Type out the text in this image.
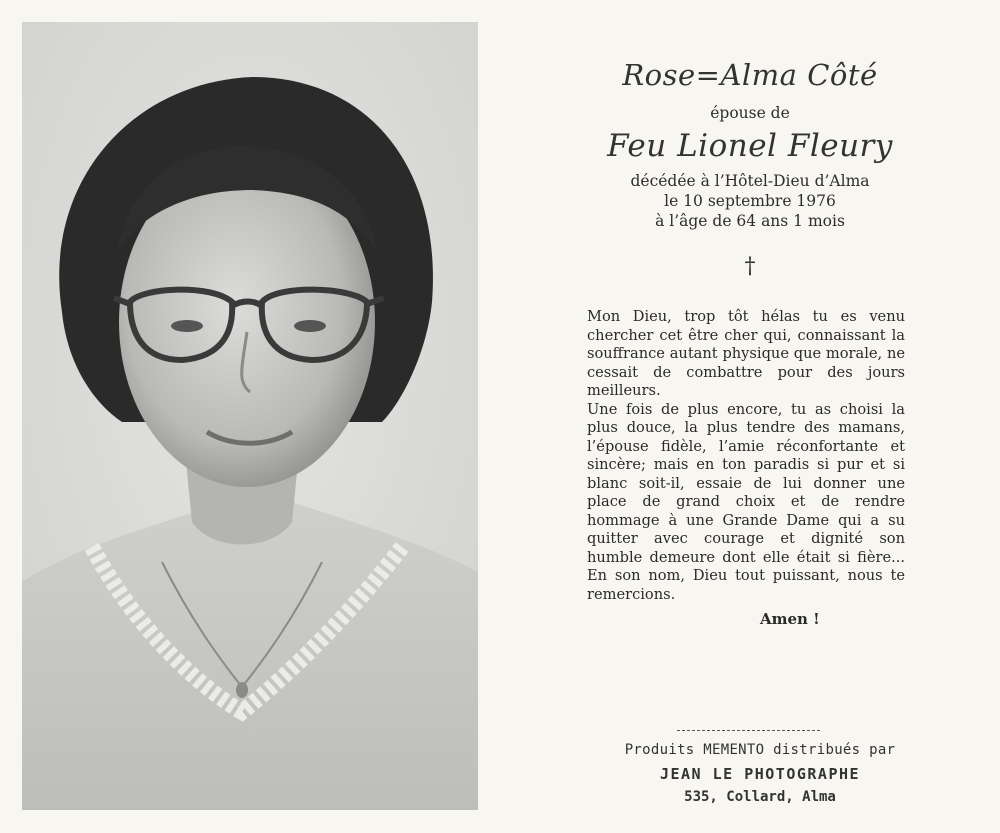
Rose=Alma Côté
épouse de
Feu Lionel Fleury
décédée à l’Hôtel-Dieu d’Alma
le 10 septembre 1976
à l’âge de 64 ans 1 mois
†

Mon Dieu, trop tôt hélas tu es venu chercher cet être cher qui, connaissant la souffrance autant physique que morale, ne cessait de combattre pour des jours meilleurs.

Une fois de plus encore, tu as choisi la plus douce, la plus tendre des mamans, l’épouse fidèle, l’amie réconfortante et sincère; mais en ton paradis si pur et si blanc soit-il, essaie de lui donner une place de grand choix et de rendre hommage à une Grande Dame qui a su quitter avec courage et dignité son humble demeure dont elle était si fière... En son nom, Dieu tout puissant, nous te remercions.

Amen !
Produits MEMENTO distribués par
JEAN LE PHOTOGRAPHE
535, Collard, Alma
